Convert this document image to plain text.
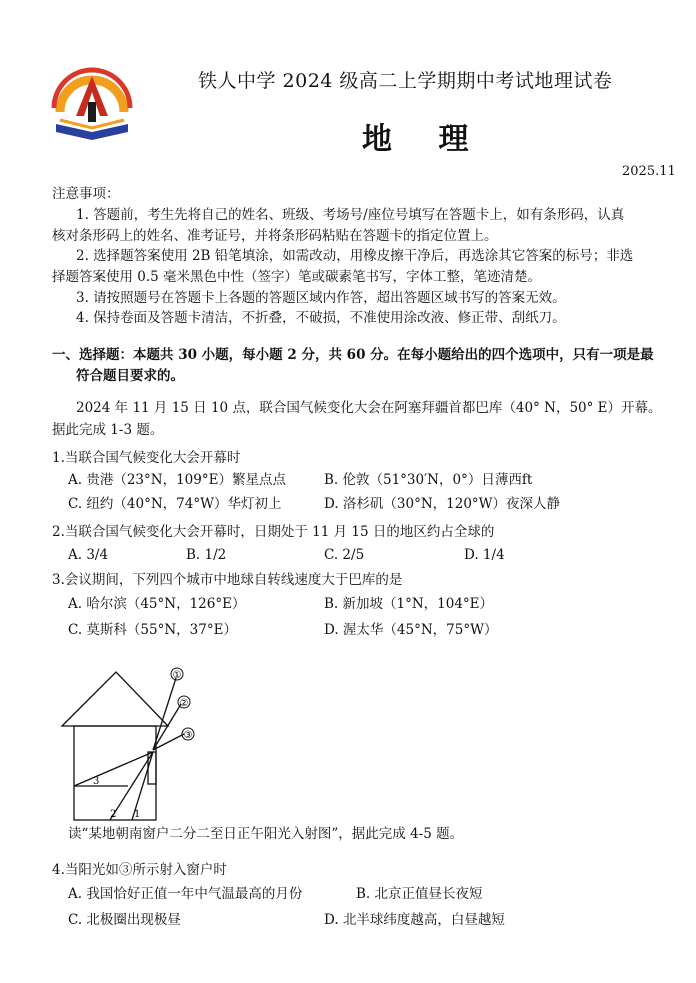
铁人中学 2024 级高二上学期期中考试地理试卷
地 理
2025.11
注意事项：
1. 答题前，考生先将自己的姓名、班级、考场号/座位号填写在答题卡上，如有条形码，认真
核对条形码上的姓名、准考证号，并将条形码粘贴在答题卡的指定位置上。
2. 选择题答案使用 2B 铅笔填涂，如需改动，用橡皮擦干净后，再选涂其它答案的标号；非选
择题答案使用 0.5 毫米黑色中性（签字）笔或碳素笔书写，字体工整，笔迹清楚。
3. 请按照题号在答题卡上各题的答题区域内作答，超出答题区域书写的答案无效。
4. 保持卷面及答题卡清洁，不折叠，不破损，不准使用涂改液、修正带、刮纸刀。
一、选择题：本题共 30 小题，每小题 2 分，共 60 分。在每小题给出的四个选项中，只有一项是最
符合题目要求的。
2024 年 11 月 15 日 10 点，联合国气候变化大会在阿塞拜疆首都巴库（40° N，50° E）开幕。
据此完成 1-3 题。
1.当联合国气候变化大会开幕时
A. 贵港（23°N，109°E）繁星点点	B. 伦敦（51°30′N，0°）日薄西ft
C. 纽约（40°N，74°W）华灯初上	D. 洛杉矶（30°N，120°W）夜深人静
2.当联合国气候变化大会开幕时，日期处于 11 月 15 日的地区约占全球的
A. 3/4	B. 1/2	C. 2/5	D. 1/4
3.会议期间，下列四个城市中地球自转线速度大于巴库的是
A. 哈尔滨（45°N，126°E）	B. 新加坡（1°N，104°E）
C. 莫斯科（55°N，37°E）	D. 渥太华（45°N，75°W）
①
②
③
3
2 1
读“某地朝南窗户二分二至日正午阳光入射图”，据此完成 4-5 题。
4.当阳光如③所示射入窗户时
A. 我国恰好正值一年中气温最高的月份	B. 北京正值昼长夜短
C. 北极圈出现极昼	D. 北半球纬度越高，白昼越短
